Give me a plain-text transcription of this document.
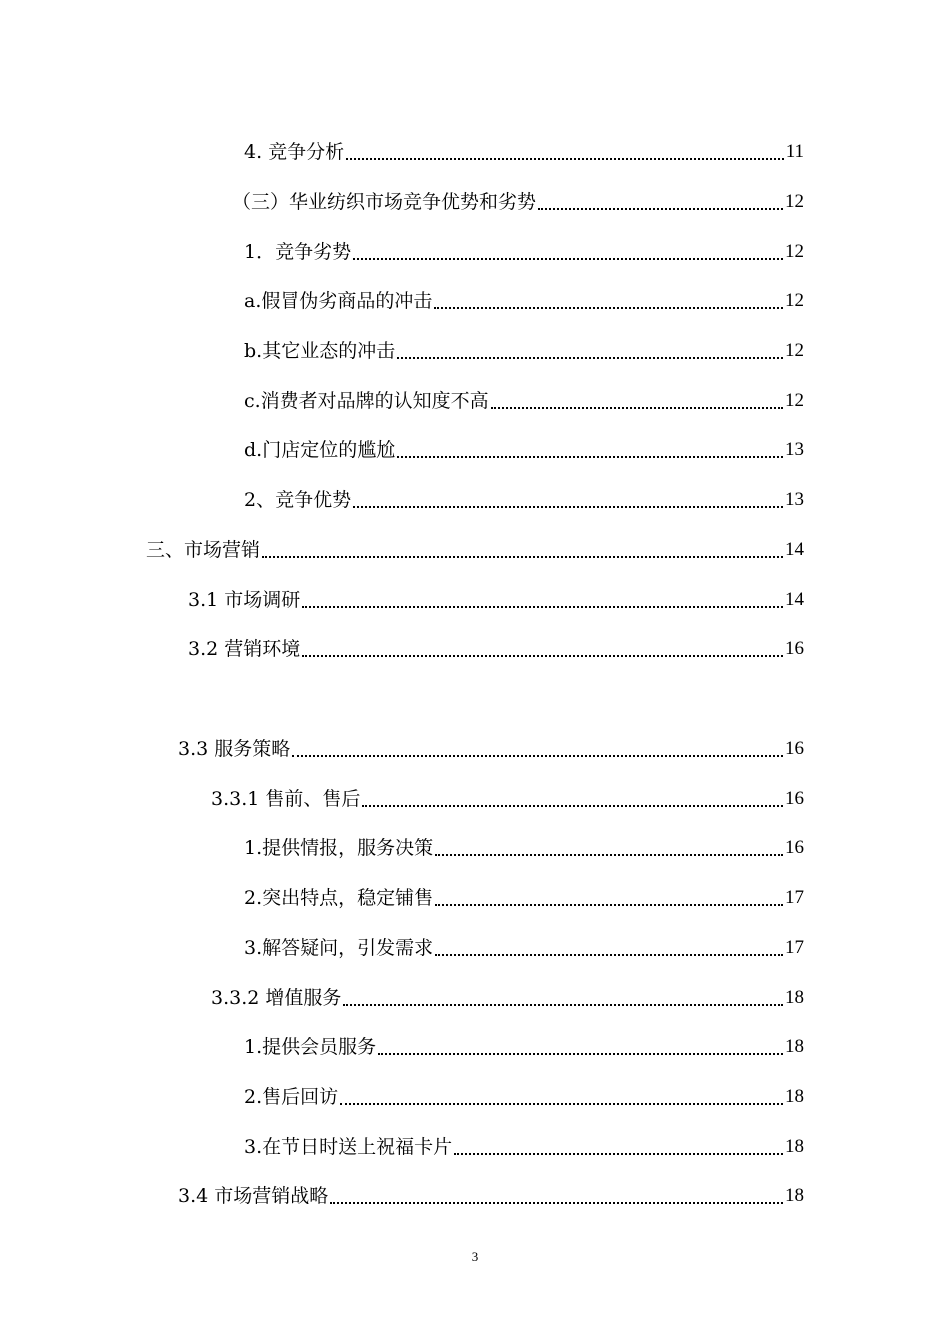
4. 竞争分析	11
（三）华业纺织市场竞争优势和劣势	12
1．竞争劣势	12
a.假冒伪劣商品的冲击	12
b.其它业态的冲击	12
c.消费者对品牌的认知度不高	12
d.门店定位的尴尬	13
2、竞争优势	13
三、市场营销	14
3.1 市场调研	14
3.2 营销环境	16
3.3 服务策略	16
3.3.1 售前、售后	16
1.提供情报，服务决策	16
2.突出特点，稳定铺售	17
3.解答疑问，引发需求	17
3.3.2 增值服务	18
1.提供会员服务	18
2.售后回访	18
3.在节日时送上祝福卡片	18
3.4 市场营销战略	18
3
